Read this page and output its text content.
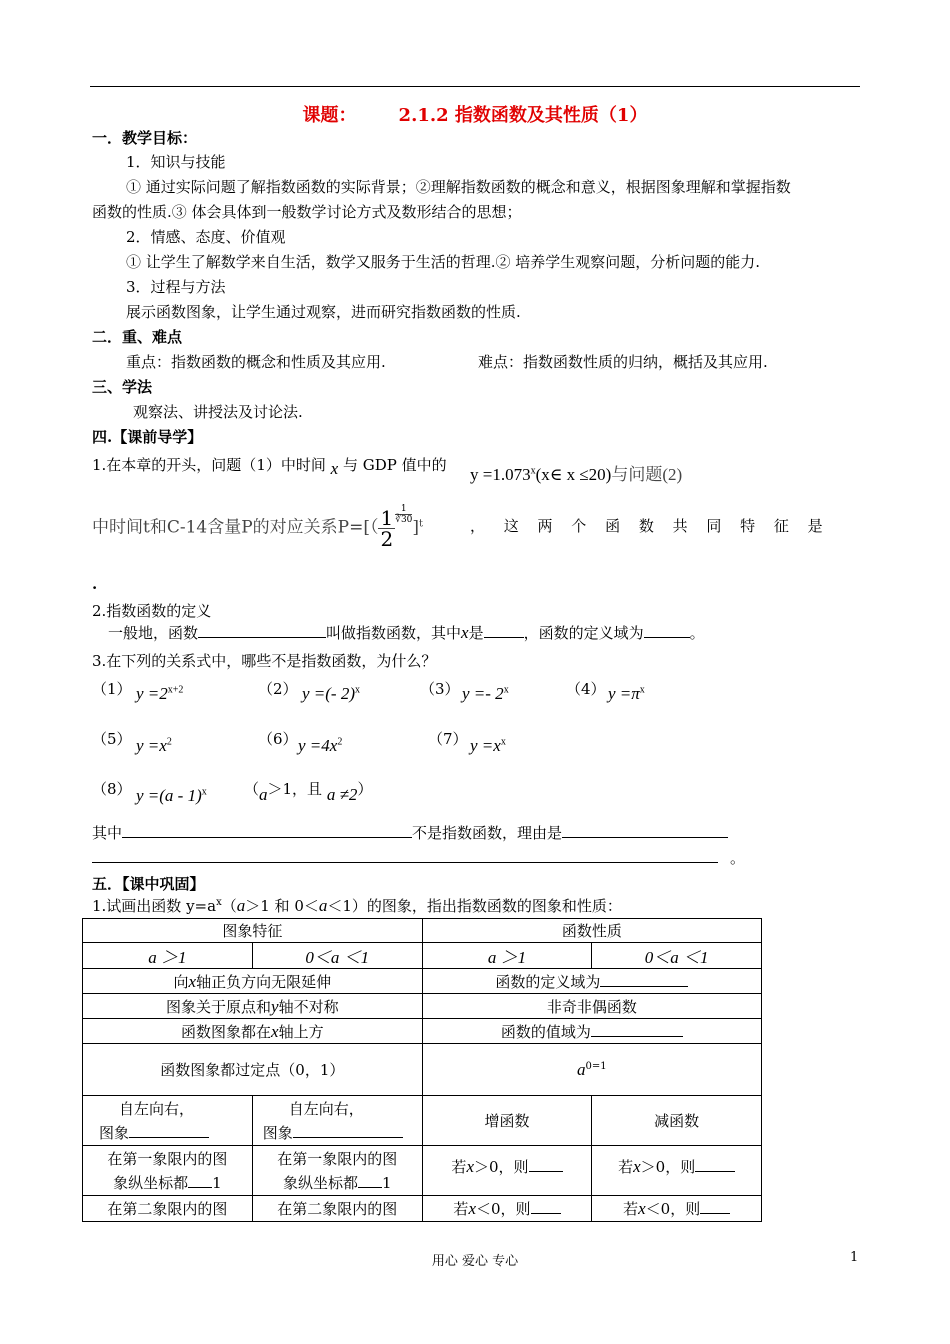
课题： 2.1.2 指数函数及其性质（1）
一．教学目标：
1．知识与技能
① 通过实际问题了解指数函数的实际背景；②理解指数函数的概念和意义，根据图象理解和掌握指数
函数的性质.③ 体会具体到一般数学讨论方式及数形结合的思想；
2．情感、态度、价值观
① 让学生了解数学来自生活，数学又服务于生活的哲理.② 培养学生观察问题，分析问题的能力.
3．过程与方法
展示函数图象，让学生通过观察，进而研究指数函数的性质.
二．重、难点
重点：指数函数的概念和性质及其应用.	难点：指数函数性质的归纳，概括及其应用.
三、学法
观察法、讲授法及讨论法.
四.【课前导学】
1.在本章的开头，问题（1）中时间 x 与 GDP 值中的 $y =1.073^x(x\in$ x ≤20)与问题(2)
中时间t和C-14含量P的对应关系$P=[( \frac{1}{2} \frac{1}{∛30}$
]$^t$	， 这 两 个 函 数 共 同 特 征 是
.
2.指数函数的定义
一般地，函数	叫做指数函数，其中x是	，函数的定义域为	。
3.在下列的关系式中，哪些不是指数函数，为什么？
（1） $y =2^{x+2}$	（2） y =(- 2)$^x$	（3） y =- 2$^x$	（4） $y =\pi^x$
（5） $y =x^2$	（6） $y =4x^2$	（7） $y =x^x$
（8） y =(a - 1)$^x$ （a＞1，且 a ≠2）
其中	不是指数函数，理由是
。
五．【课中巩固】
1.试画出函数 $y=a^x(a>1$ 和 0＜a＜1）的图象，指出指数函数的图象和性质：
图象特征		函数性质	
a ＞1	0＜a ＜1	a ＞1	0＜a ＜1
向x轴正负方向无限延伸		函数的定义域为	
图象关于原点和y轴不对称		非奇非偶函数	
函数图象都在x轴上方		函数的值域为	
函数图象都过定点（0，1）		$a^{0=1}$
自左向右，
图象	自左向右，
图象	增函数	减函数
在第一象限内的图
象纵坐标都 1	在第一象限内的图
象纵坐标都 1	若x＞0，则	若x＞0，则
在第二象限内的图	在第二象限内的图	若x＜0，则	若x＜0，则
用心 爱心 专心	1
